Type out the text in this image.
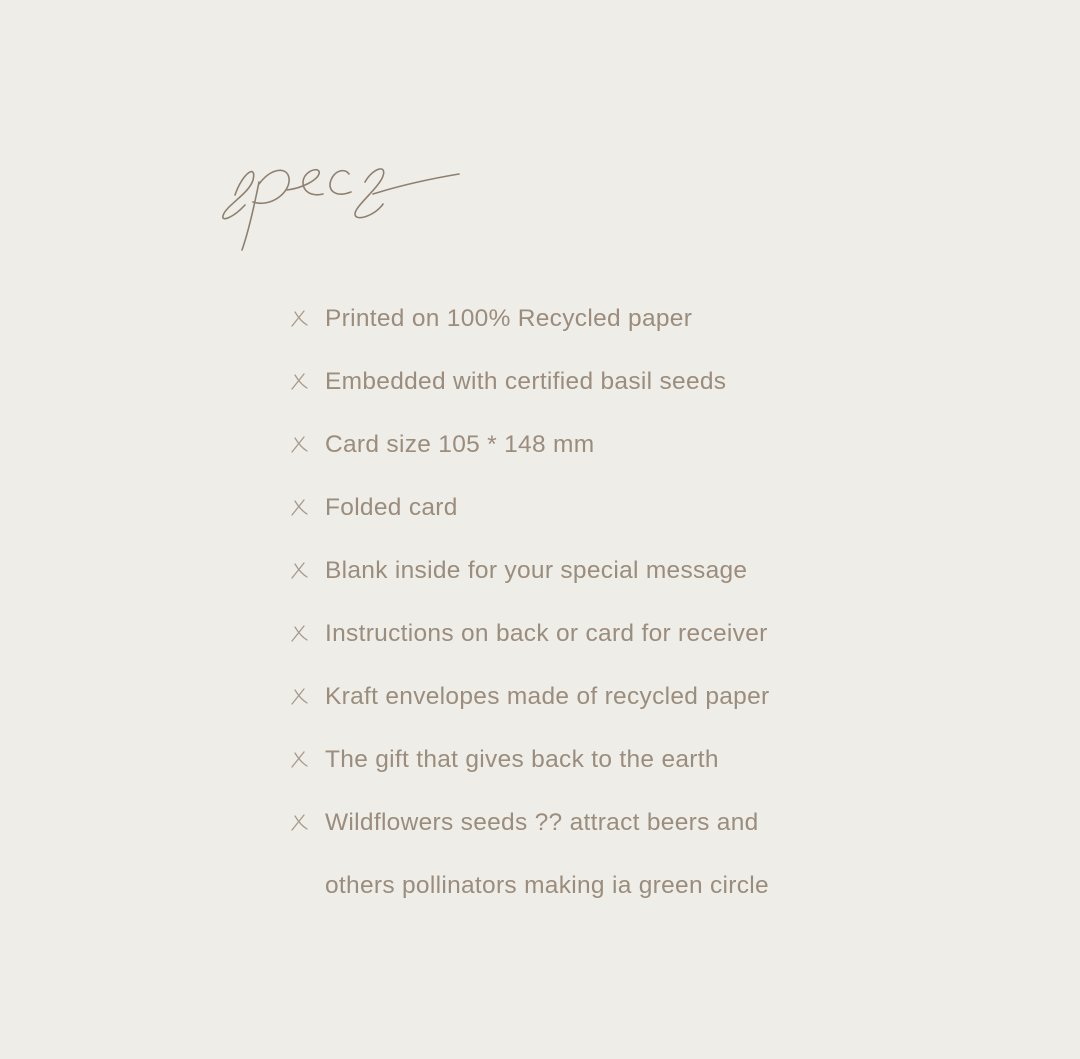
Printed on 100% Recycled paper
Embedded with certified basil seeds
Card size 105 * 148 mm
Folded card
Blank inside for your special message
Instructions on back or card for receiver
Kraft envelopes made of recycled paper
The gift that gives back to the earth
Wildflowers seeds ?? attract beers and
others pollinators making ia green circle
